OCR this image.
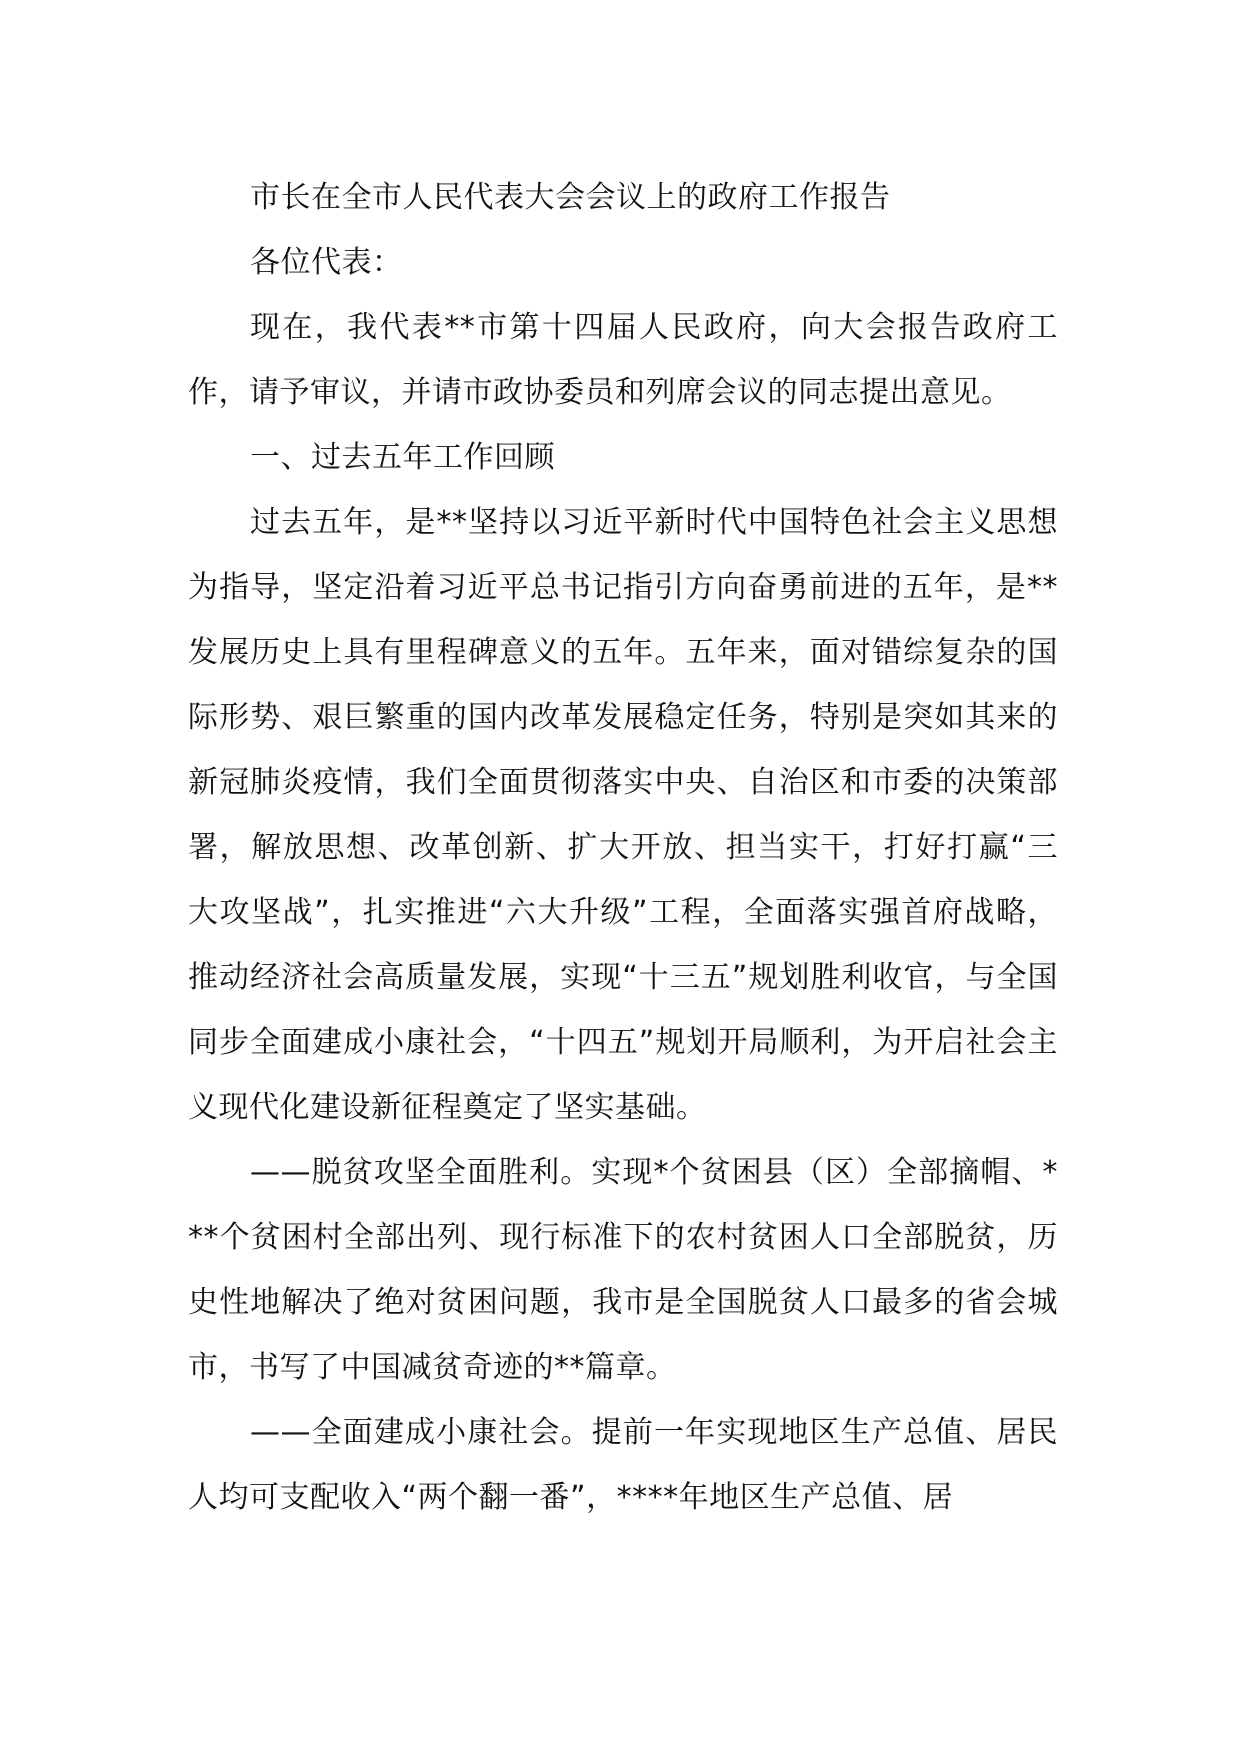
市长在全市人民代表大会会议上的政府工作报告

各位代表：

现在，我代表**市第十四届人民政府，向大会报告政府工作，请予审议，并请市政协委员和列席会议的同志提出意见。

一、过去五年工作回顾

过去五年，是**坚持以习近平新时代中国特色社会主义思想为指导，坚定沿着习近平总书记指引方向奋勇前进的五年，是**发展历史上具有里程碑意义的五年。五年来，面对错综复杂的国际形势、艰巨繁重的国内改革发展稳定任务，特别是突如其来的新冠肺炎疫情，我们全面贯彻落实中央、自治区和市委的决策部署，解放思想、改革创新、扩大开放、担当实干，打好打赢“三大攻坚战”，扎实推进“六大升级”工程，全面落实强首府战略，推动经济社会高质量发展，实现“十三五”规划胜利收官，与全国同步全面建成小康社会，“十四五”规划开局顺利，为开启社会主义现代化建设新征程奠定了坚实基础。

——脱贫攻坚全面胜利。实现*个贫困县（区）全部摘帽、***个贫困村全部出列、现行标准下的农村贫困人口全部脱贫，历史性地解决了绝对贫困问题，我市是全国脱贫人口最多的省会城市，书写了中国减贫奇迹的**篇章。

——全面建成小康社会。提前一年实现地区生产总值、居民人均可支配收入“两个翻一番”，****年地区生产总值、居
